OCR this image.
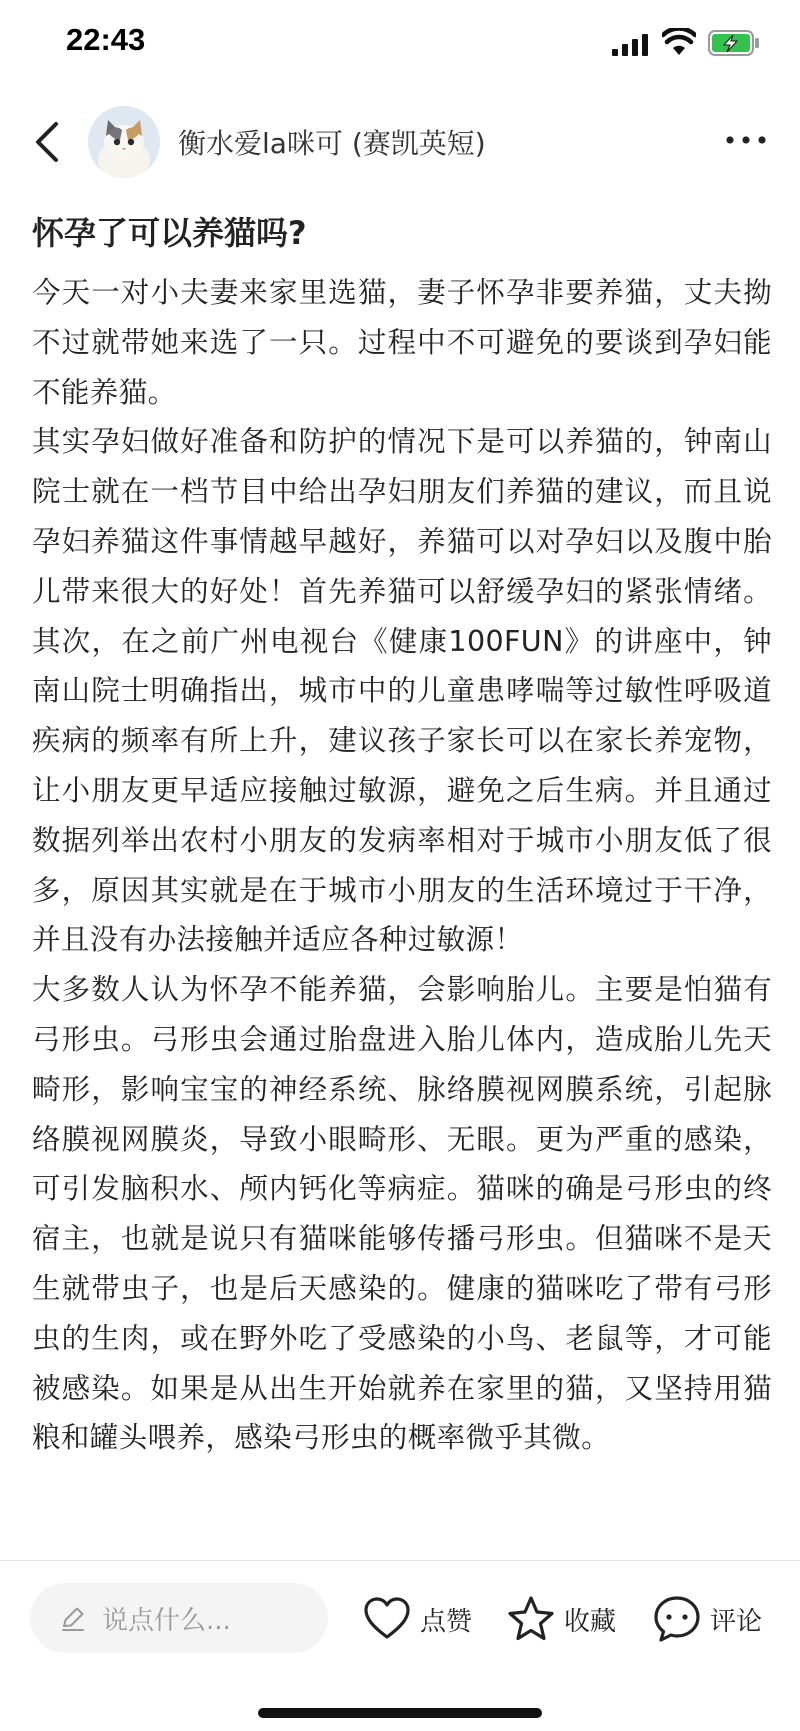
22:43
衡水爱la咪可 (赛凯英短)
怀孕了可以养猫吗?

今天一对小夫妻来家里选猫，妻子怀孕非要养猫，丈夫拗不过就带她来选了一只。过程中不可避免的要谈到孕妇能不能养猫。

其实孕妇做好准备和防护的情况下是可以养猫的，钟南山院士就在一档节目中给出孕妇朋友们养猫的建议，而且说孕妇养猫这件事情越早越好，养猫可以对孕妇以及腹中胎儿带来很大的好处！首先养猫可以舒缓孕妇的紧张情绪。其次，在之前广州电视台《健康100FUN》的讲座中，钟南山院士明确指出，城市中的儿童患哮喘等过敏性呼吸道疾病的频率有所上升，建议孩子家长可以在家长养宠物，让小朋友更早适应接触过敏源，避免之后生病。并且通过数据列举出农村小朋友的发病率相对于城市小朋友低了很多，原因其实就是在于城市小朋友的生活环境过于干净，并且没有办法接触并适应各种过敏源！

大多数人认为怀孕不能养猫，会影响胎儿。主要是怕猫有弓形虫。弓形虫会通过胎盘进入胎儿体内，造成胎儿先天畸形，影响宝宝的神经系统、脉络膜视网膜系统，引起脉络膜视网膜炎，导致小眼畸形、无眼。更为严重的感染，可引发脑积水、颅内钙化等病症。猫咪的确是弓形虫的终宿主，也就是说只有猫咪能够传播弓形虫。但猫咪不是天生就带虫子，也是后天感染的。健康的猫咪吃了带有弓形虫的生肉，或在野外吃了受感染的小鸟、老鼠等，才可能被感染。如果是从出生开始就养在家里的猫，又坚持用猫粮和罐头喂养，感染弓形虫的概率微乎其微。

说点什么...	点赞	收藏	评论
